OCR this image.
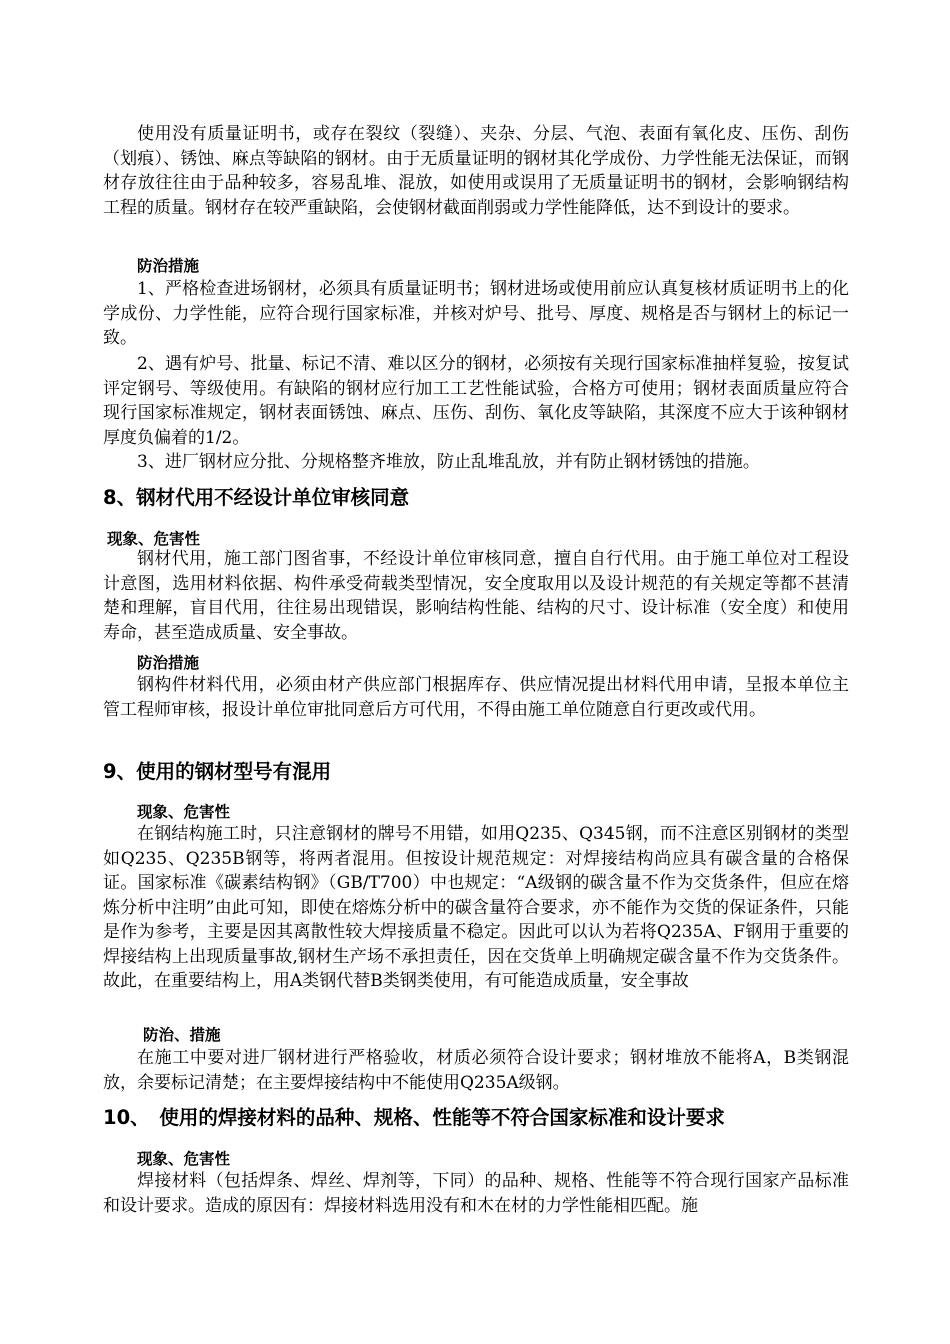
使用没有质量证明书，或存在裂纹（裂缝）、夹杂、分层、气泡、表面有氧化皮、压伤、刮伤（划痕）、锈蚀、麻点等缺陷的钢材。由于无质量证明的钢材其化学成份、力学性能无法保证，而钢材存放往往由于品种较多，容易乱堆、混放，如使用或误用了无质量证明书的钢材，会影响钢结构工程的质量。钢材存在较严重缺陷，会使钢材截面削弱或力学性能降低，达不到设计的要求。

防治措施

1、严格检查进场钢材，必须具有质量证明书；钢材进场或使用前应认真复核材质证明书上的化学成份、力学性能，应符合现行国家标准，并核对炉号、批号、厚度、规格是否与钢材上的标记一致。

2、遇有炉号、批量、标记不清、难以区分的钢材，必须按有关现行国家标准抽样复验，按复试评定钢号、等级使用。有缺陷的钢材应行加工工艺性能试验，合格方可使用；钢材表面质量应符合现行国家标准规定，钢材表面锈蚀、麻点、压伤、刮伤、氧化皮等缺陷，其深度不应大于该种钢材厚度负偏着的1/2。

3、进厂钢材应分批、分规格整齐堆放，防止乱堆乱放，并有防止钢材锈蚀的措施。

8、钢材代用不经设计单位审核同意

现象、危害性

钢材代用，施工部门图省事，不经设计单位审核同意，擅自自行代用。由于施工单位对工程设计意图，选用材料依据、构件承受荷载类型情况，安全度取用以及设计规范的有关规定等都不甚清楚和理解，盲目代用，往往易出现错误，影响结构性能、结构的尺寸、设计标准（安全度）和使用寿命，甚至造成质量、安全事故。

防治措施

钢构件材料代用，必须由材产供应部门根据库存、供应情况提出材料代用申请，呈报本单位主管工程师审核，报设计单位审批同意后方可代用，不得由施工单位随意自行更改或代用。

9、使用的钢材型号有混用

现象、危害性

在钢结构施工时，只注意钢材的牌号不用错，如用Q235、Q345钢，而不注意区别钢材的类型如Q235、Q235B钢等，将两者混用。但按设计规范规定：对焊接结构尚应具有碳含量的合格保证。国家标准《碳素结构钢》（GB/T700）中也规定：“A级钢的碳含量不作为交货条件，但应在熔炼分析中注明”由此可知，即使在熔炼分析中的碳含量符合要求，亦不能作为交货的保证条件，只能是作为参考，主要是因其离散性较大焊接质量不稳定。因此可以认为若将Q235A、F钢用于重要的焊接结构上出现质量事故,钢材生产场不承担责任，因在交货单上明确规定碳含量不作为交货条件。故此，在重要结构上，用A类钢代替B类钢类使用，有可能造成质量，安全事故

防治、措施

在施工中要对进厂钢材进行严格验收，材质必须符合设计要求；钢材堆放不能将A，B类钢混放，余要标记清楚；在主要焊接结构中不能使用Q235A级钢。

10、　使用的焊接材料的品种、规格、性能等不符合国家标准和设计要求

现象、危害性

焊接材料（包括焊条、焊丝、焊剂等，下同）的品种、规格、性能等不符合现行国家产品标准和设计要求。造成的原因有：焊接材料选用没有和木在材的力学性能相匹配。施
